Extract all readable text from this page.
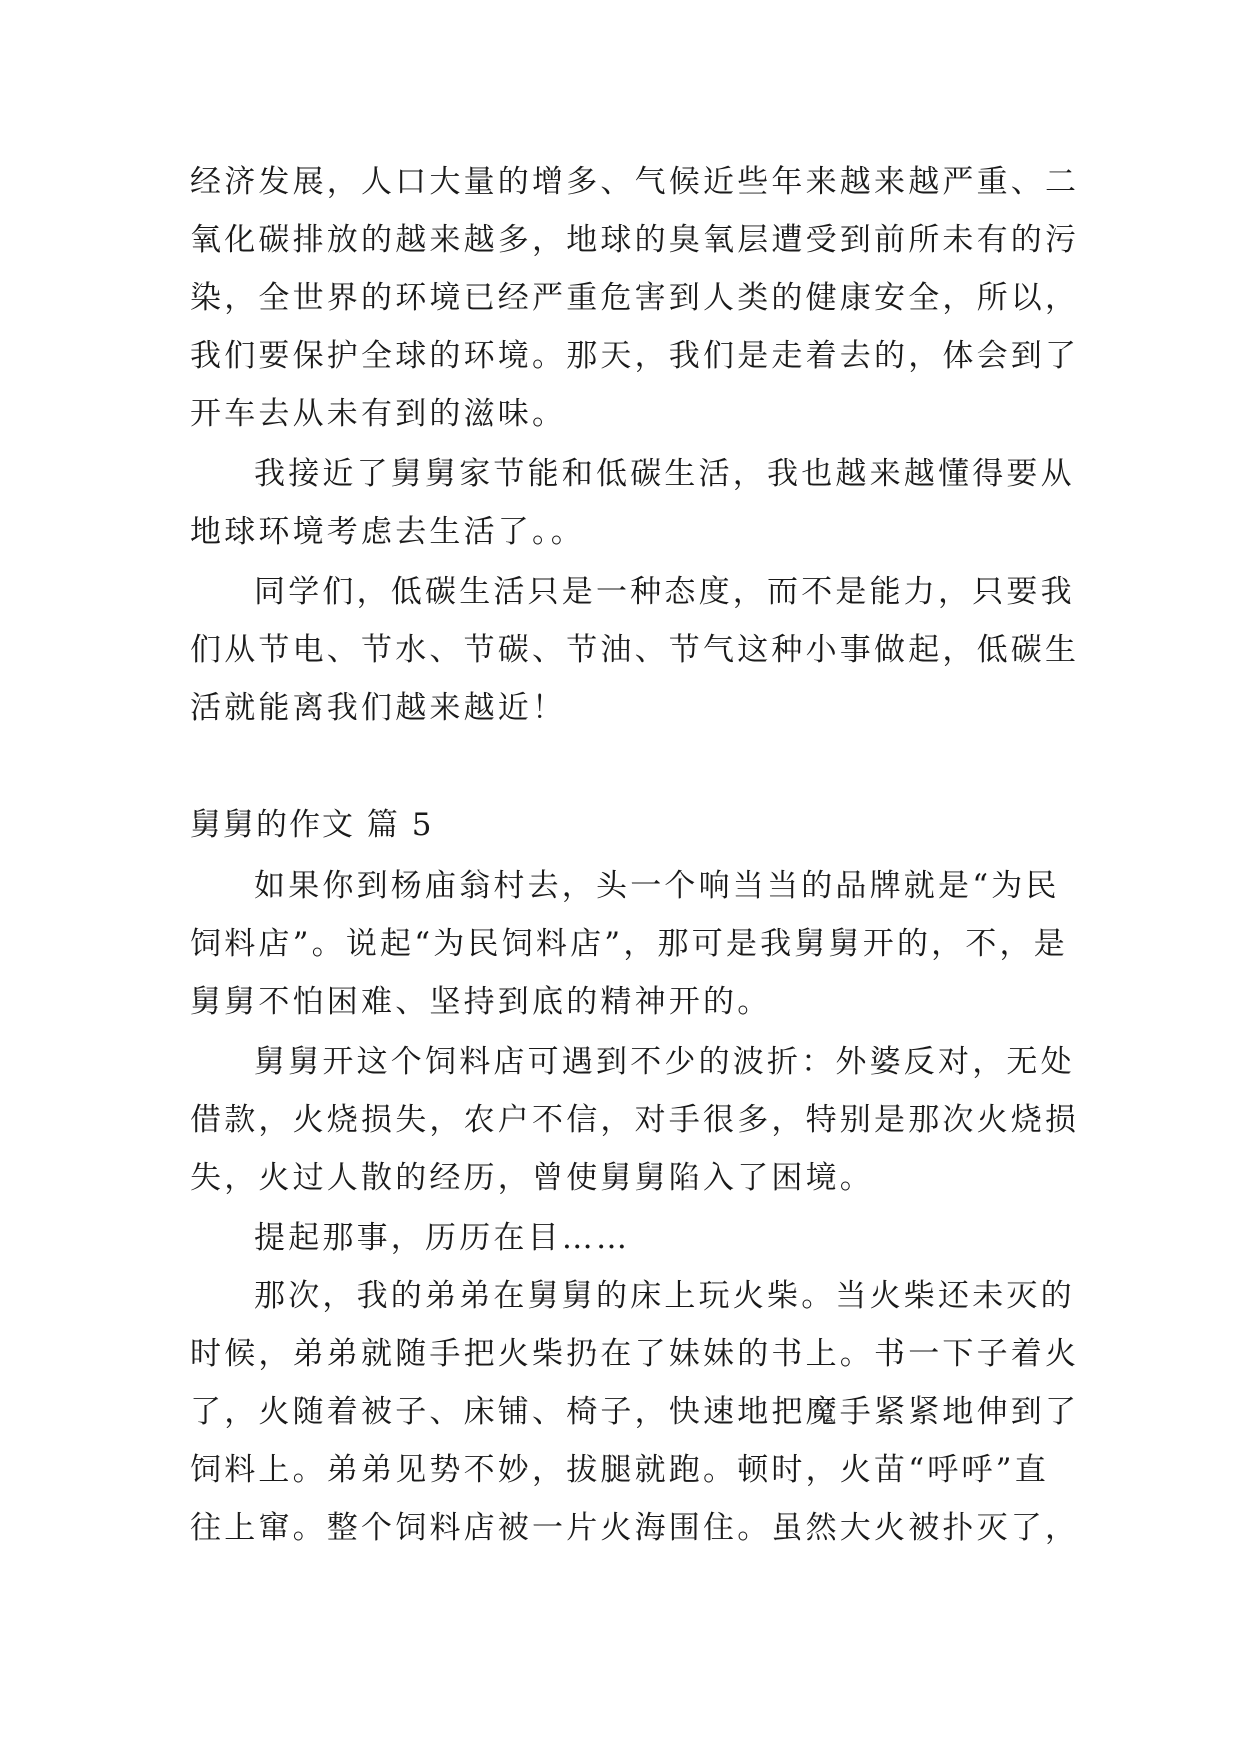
经济发展，人口大量的增多、气候近些年来越来越严重、二
氧化碳排放的越来越多，地球的臭氧层遭受到前所未有的污
染，全世界的环境已经严重危害到人类的健康安全，所以，
我们要保护全球的环境。那天，我们是走着去的，体会到了
开车去从未有到的滋味。
我接近了舅舅家节能和低碳生活，我也越来越懂得要从
地球环境考虑去生活了。。
同学们，低碳生活只是一种态度，而不是能力，只要我
们从节电、节水、节碳、节油、节气这种小事做起，低碳生
活就能离我们越来越近！
舅舅的作文 篇 5
如果你到杨庙翁村去，头一个响当当的品牌就是“为民
饲料店”。说起“为民饲料店”，那可是我舅舅开的，不，是
舅舅不怕困难、坚持到底的精神开的。
舅舅开这个饲料店可遇到不少的波折：外婆反对，无处
借款，火烧损失，农户不信，对手很多，特别是那次火烧损
失，火过人散的经历，曾使舅舅陷入了困境。
提起那事，历历在目……
那次，我的弟弟在舅舅的床上玩火柴。当火柴还未灭的
时候，弟弟就随手把火柴扔在了妹妹的书上。书一下子着火
了，火随着被子、床铺、椅子，快速地把魔手紧紧地伸到了
饲料上。弟弟见势不妙，拔腿就跑。顿时，火苗“呼呼”直
往上窜。整个饲料店被一片火海围住。虽然大火被扑灭了，
